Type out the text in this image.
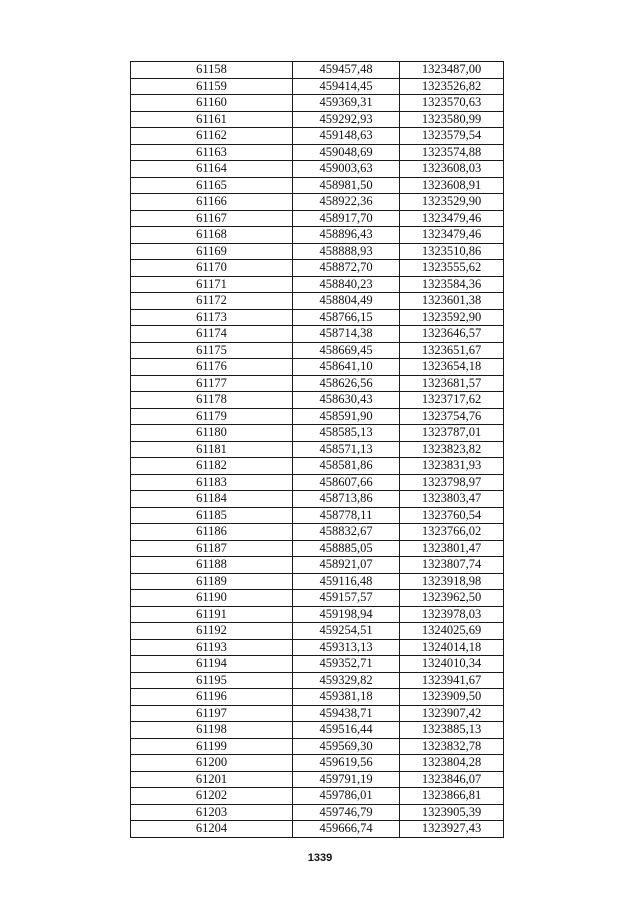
61158	459457,48	1323487,00
61159	459414,45	1323526,82
61160	459369,31	1323570,63
61161	459292,93	1323580,99
61162	459148,63	1323579,54
61163	459048,69	1323574,88
61164	459003,63	1323608,03
61165	458981,50	1323608,91
61166	458922,36	1323529,90
61167	458917,70	1323479,46
61168	458896,43	1323479,46
61169	458888,93	1323510,86
61170	458872,70	1323555,62
61171	458840,23	1323584,36
61172	458804,49	1323601,38
61173	458766,15	1323592,90
61174	458714,38	1323646,57
61175	458669,45	1323651,67
61176	458641,10	1323654,18
61177	458626,56	1323681,57
61178	458630,43	1323717,62
61179	458591,90	1323754,76
61180	458585,13	1323787,01
61181	458571,13	1323823,82
61182	458581,86	1323831,93
61183	458607,66	1323798,97
61184	458713,86	1323803,47
61185	458778,11	1323760,54
61186	458832,67	1323766,02
61187	458885,05	1323801,47
61188	458921,07	1323807,74
61189	459116,48	1323918,98
61190	459157,57	1323962,50
61191	459198,94	1323978,03
61192	459254,51	1324025,69
61193	459313,13	1324014,18
61194	459352,71	1324010,34
61195	459329,82	1323941,67
61196	459381,18	1323909,50
61197	459438,71	1323907,42
61198	459516,44	1323885,13
61199	459569,30	1323832,78
61200	459619,56	1323804,28
61201	459791,19	1323846,07
61202	459786,01	1323866,81
61203	459746,79	1323905,39
61204	459666,74	1323927,43
1339
